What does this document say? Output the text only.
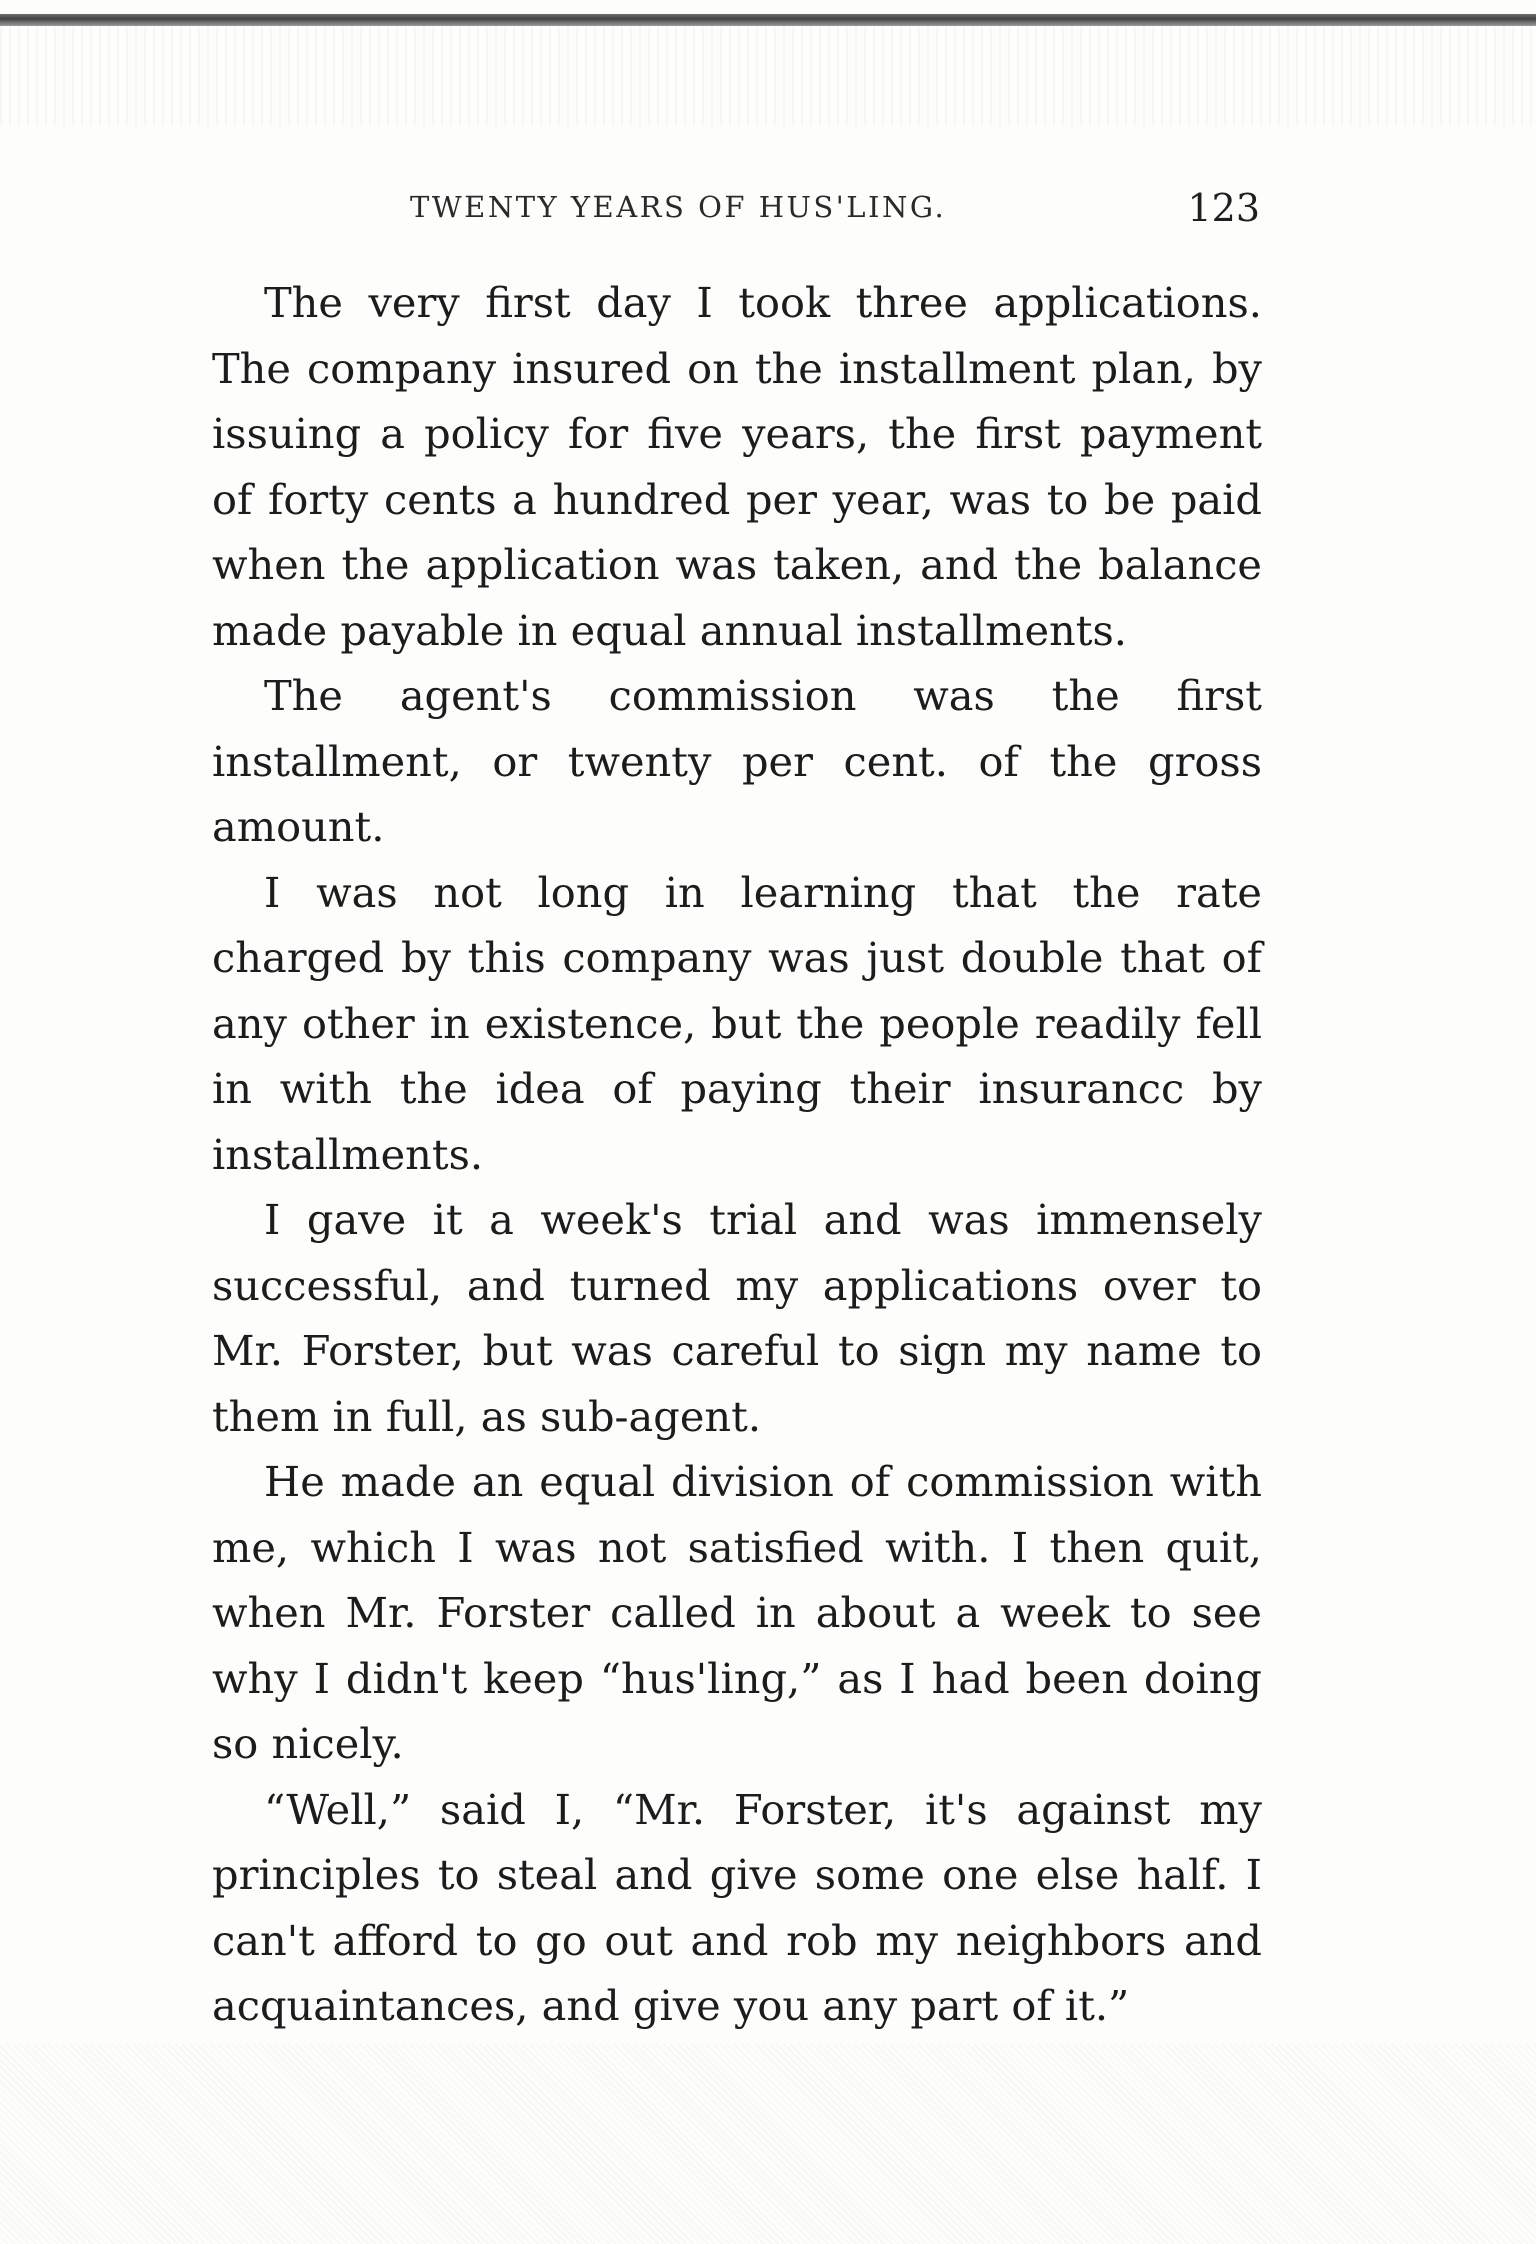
TWENTY YEARS OF HUS'LING.	123

The very first day I took three applications. The company insured on the installment plan, by issuing a policy for five years, the first payment of forty cents a hundred per year, was to be paid when the application was taken, and the balance made payable in equal annual installments.

The agent's commission was the first installment, or twenty per cent. of the gross amount.

I was not long in learning that the rate charged by this company was just double that of any other in existence, but the people readily fell in with the idea of paying their insurancc by installments.

I gave it a week's trial and was immensely successful, and turned my applications over to Mr. Forster, but was careful to sign my name to them in full, as sub-agent.

He made an equal division of commission with me, which I was not satisfied with. I then quit, when Mr. Forster called in about a week to see why I didn't keep “hus'ling,” as I had been doing so nicely.

“Well,” said I, “Mr. Forster, it's against my principles to steal and give some one else half. I can't afford to go out and rob my neighbors and acquaintances, and give you any part of it.”
